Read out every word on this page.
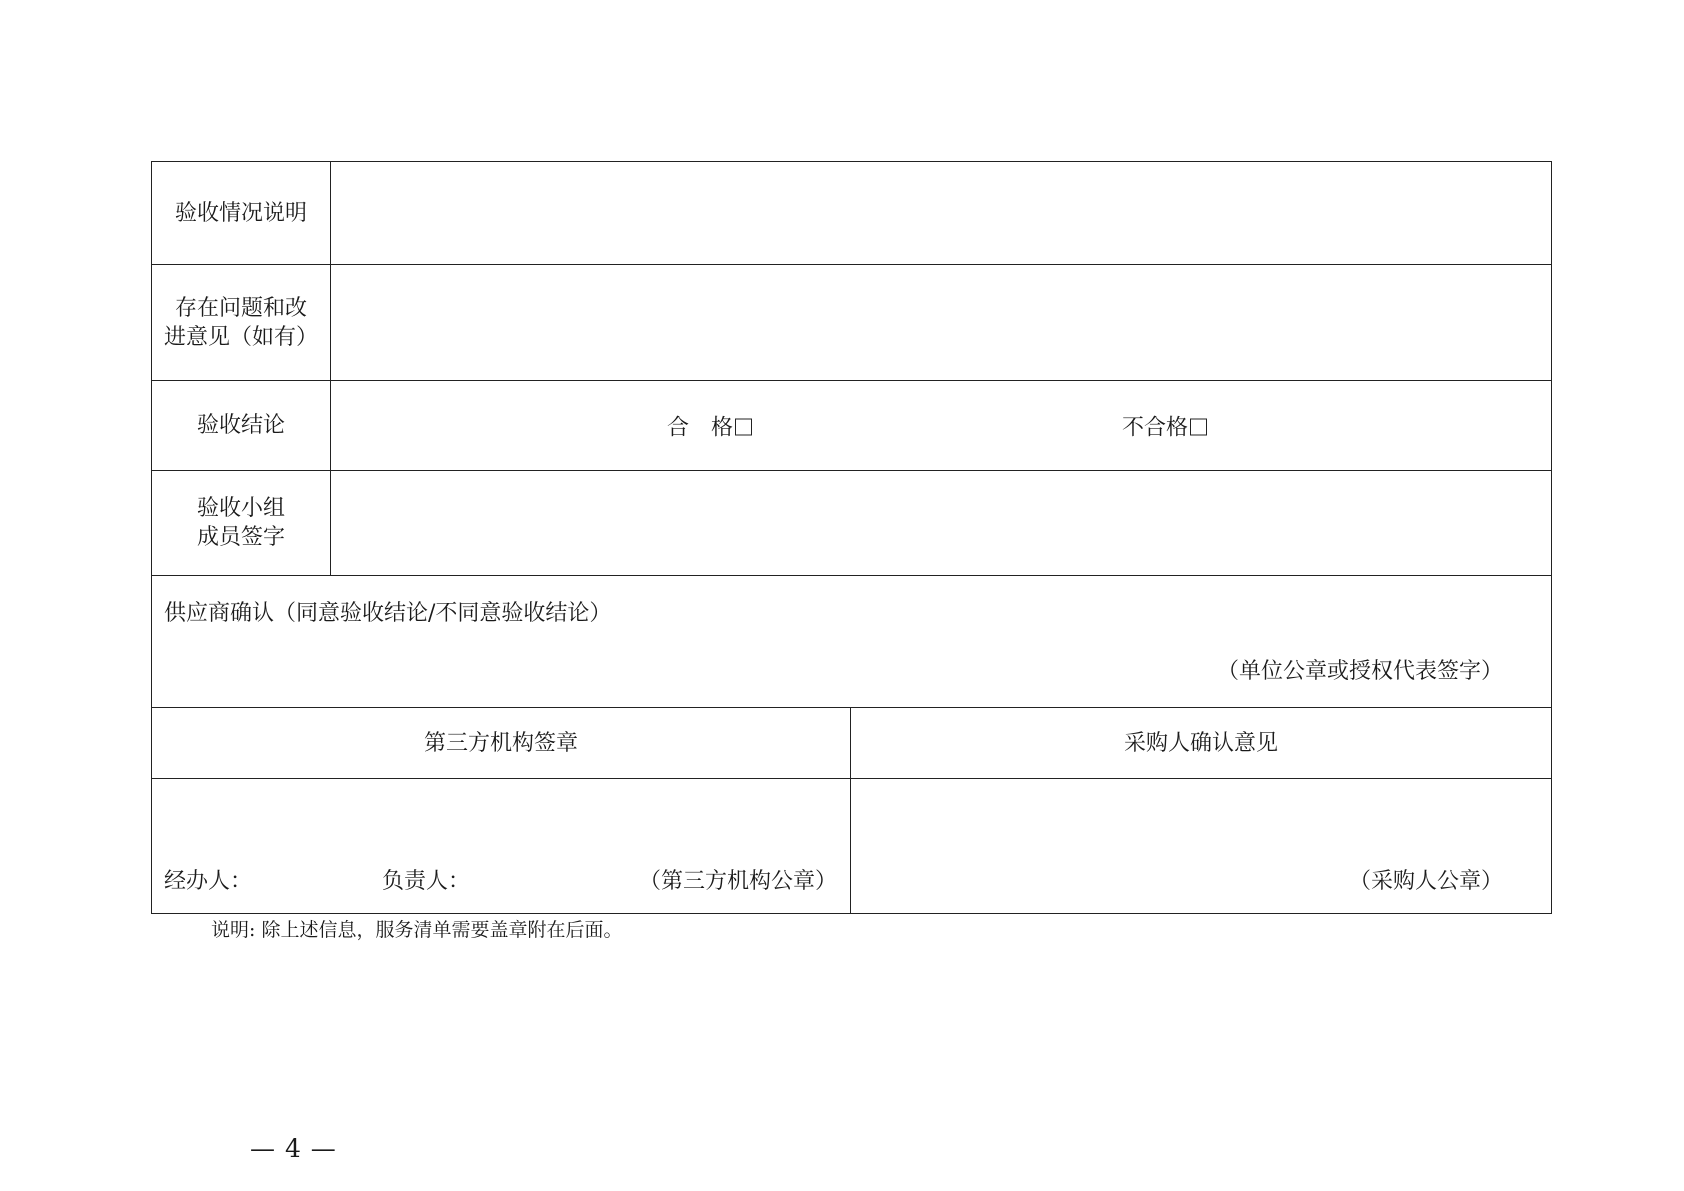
验收情况说明		

存在问题和改
进意见（如有）		

验收结论	合　格 不合格	

验收小组
成员签字		

供应商确认（同意验收结论/不同意验收结论）
（单位公章或授权代表签字）		

第三方机构签章		采购人确认意见

经办人： 负责人： （第三方机构公章）		（采购人公章）
说明: 除上述信息，服务清单需要盖章附在后面。
— 4 —
